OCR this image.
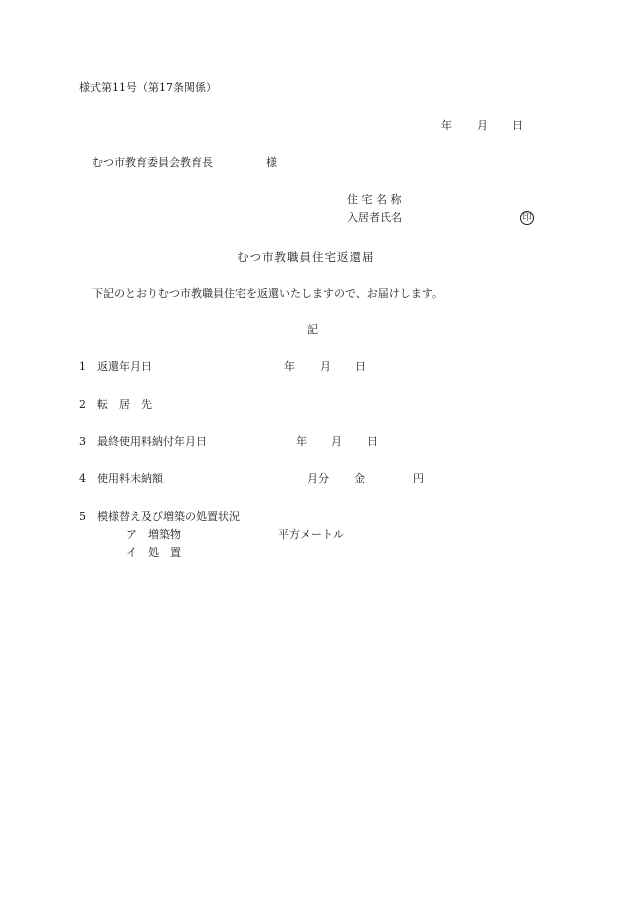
様式第11号（第17条関係）
年 月 日
むつ市教育委員会教育長	様
住 宅 名 称
入居者氏名	印
むつ市教職員住宅返還届
下記のとおりむつ市教職員住宅を返還いたしますので、お届けします。
記
1 返還年月日	年 月 日
2 転　居　先
3 最終使用料納付年月日	年 月 日
4 使用料未納額	月分 金	円
5 模様替え及び増築の処置状況
ア　増築物	平方メートル
イ　処　置
